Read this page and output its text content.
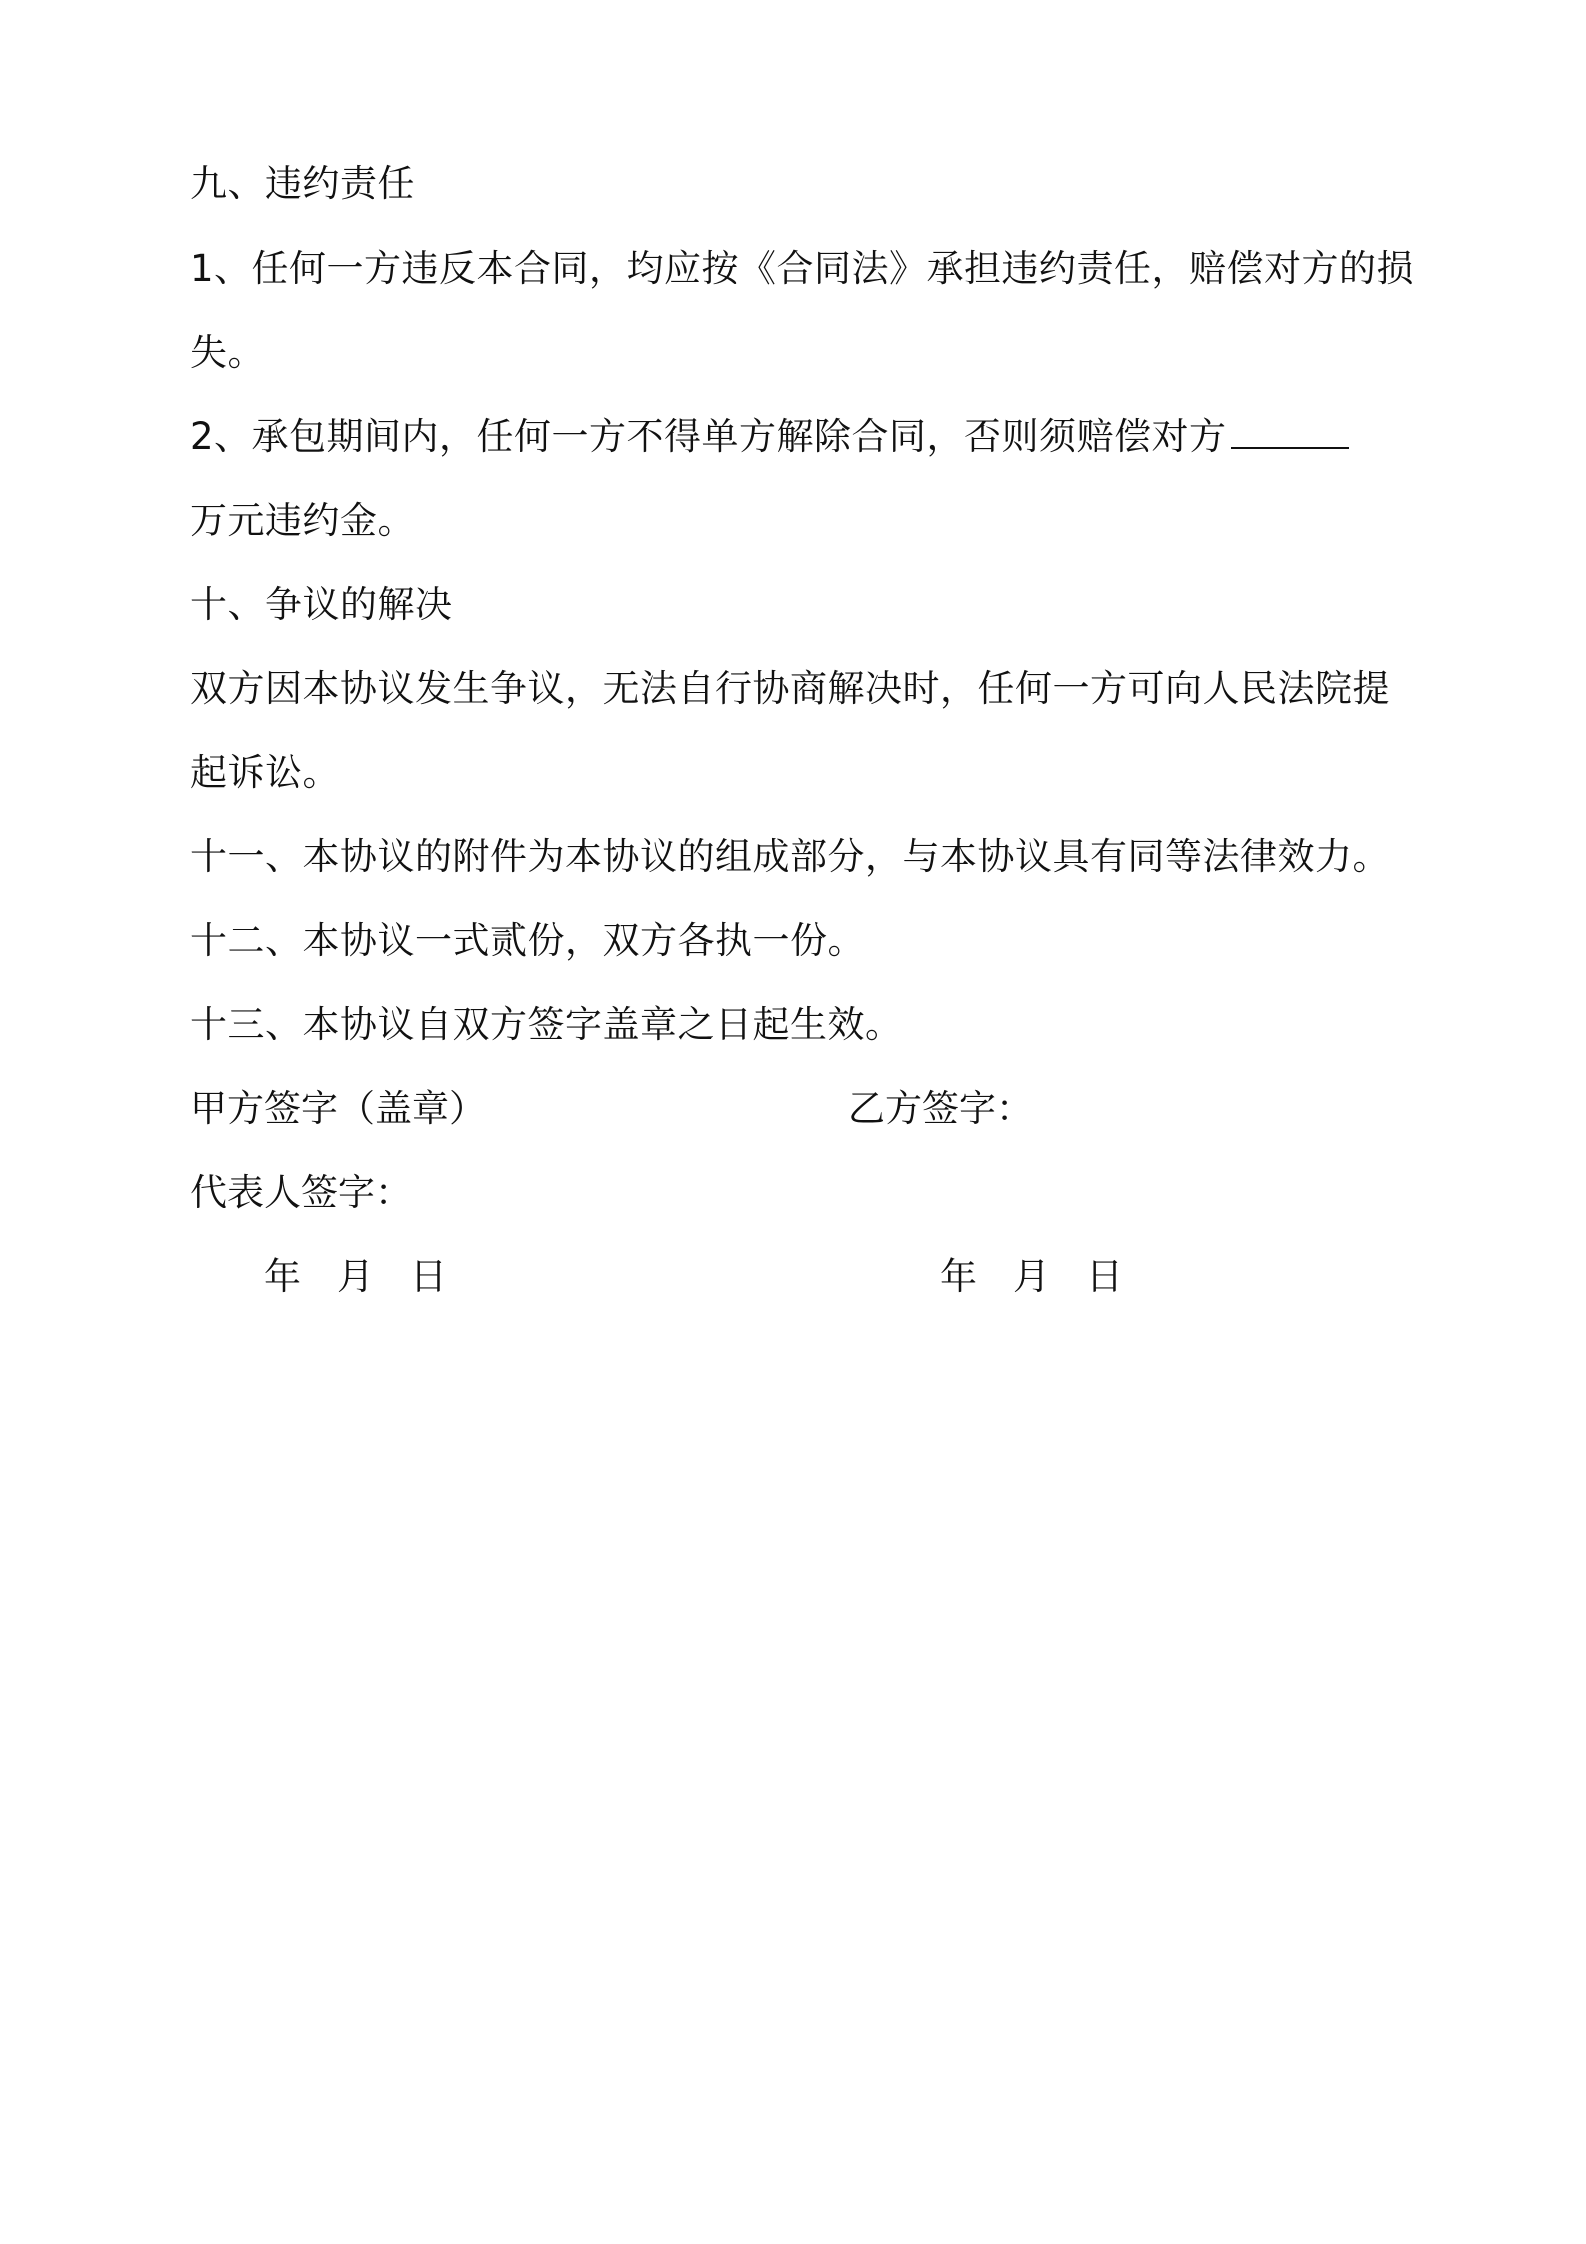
九、违约责任
1、任何一方违反本合同，均应按《合同法》承担违约责任，赔偿对方的损
失。
2、承包期间内，任何一方不得单方解除合同，否则须赔偿对方
万元违约金。
十、争议的解决
双方因本协议发生争议，无法自行协商解决时，任何一方可向人民法院提
起诉讼。
十一、本协议的附件为本协议的组成部分，与本协议具有同等法律效力。
十二、本协议一式贰份，双方各执一份。
十三、本协议自双方签字盖章之日起生效。
甲方签字（盖章）	乙方签字：
代表人签字：
年 月 日	年 月 日
